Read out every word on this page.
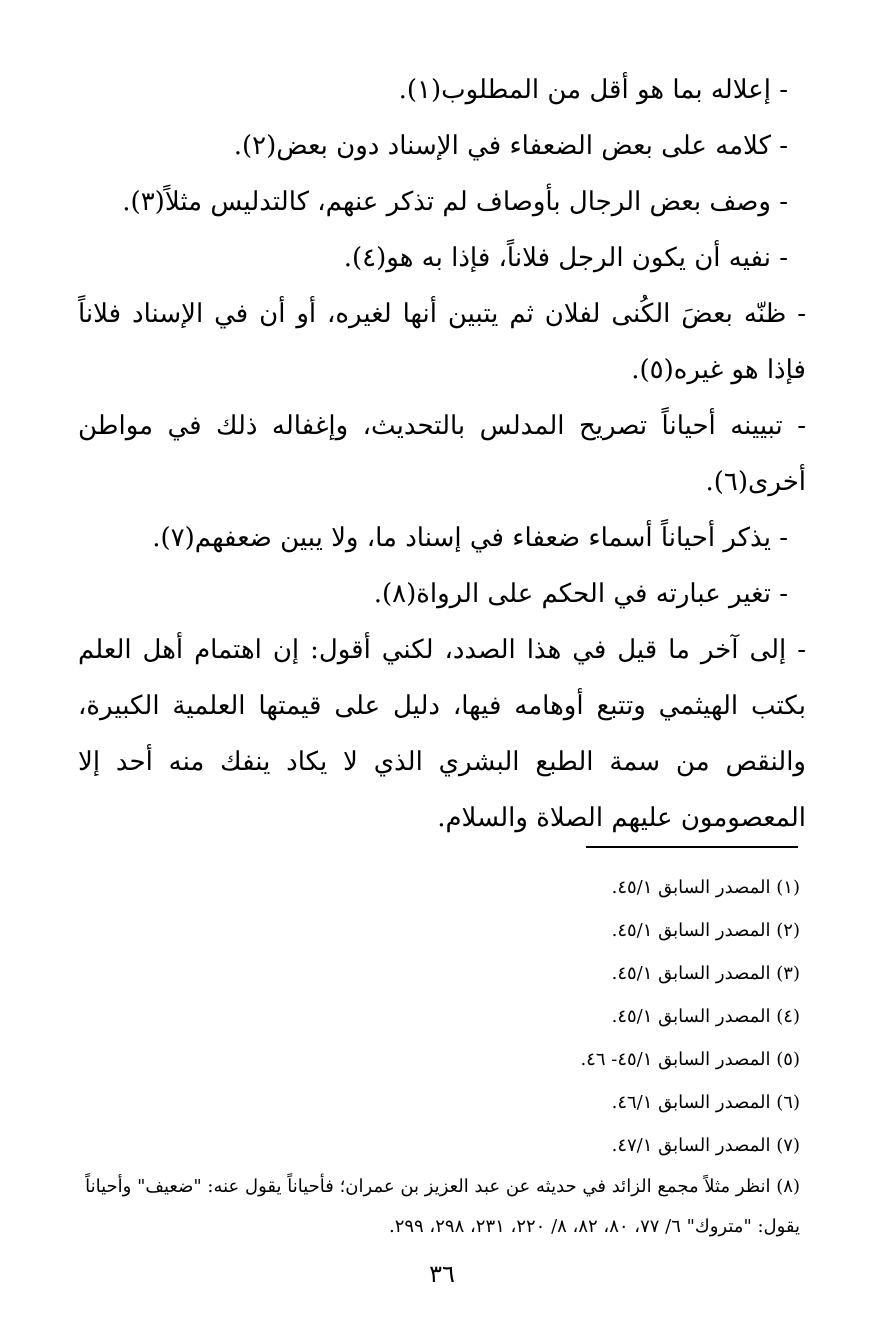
- إعلاله بما هو أقل من المطلوب(١).

- كلامه على بعض الضعفاء في الإسناد دون بعض(٢).

- وصف بعض الرجال بأوصاف لم تذكر عنهم، كالتدليس مثلاً(٣).

- نفيه أن يكون الرجل فلاناً، فإذا به هو(٤).

- ظنّه بعضَ الكُنى لفلان ثم يتبين أنها لغيره، أو أن في الإسناد فلاناً فإذا هو غيره(٥).

- تبيينه أحياناً تصريح المدلس بالتحديث، وإغفاله ذلك في مواطن أخرى(٦).

- يذكر أحياناً أسماء ضعفاء في إسناد ما، ولا يبين ضعفهم(٧).

- تغير عبارته في الحكم على الرواة(٨).

- إلى آخر ما قيل في هذا الصدد، لكني أقول: إن اهتمام أهل العلم بكتب الهيثمي وتتبع أوهامه فيها، دليل على قيمتها العلمية الكبيرة، والنقص من سمة الطبع البشري الذي لا يكاد ينفك منه أحد إلا المعصومون عليهم الصلاة والسلام.

(١) المصدر السابق ٤٥/١.

(٢) المصدر السابق ٤٥/١.

(٣) المصدر السابق ٤٥/١.

(٤) المصدر السابق ٤٥/١.

(٥) المصدر السابق ٤٥/١- ٤٦.

(٦) المصدر السابق ٤٦/١.

(٧) المصدر السابق ٤٧/١.

(٨) انظر مثلاً مجمع الزائد في حديثه عن عبد العزيز بن عمران؛ فأحياناً يقول عنه: "ضعيف" وأحياناً يقول: "متروك" ٦/ ٧٧، ٨٠، ٨٢، ٨/ ٢٢٠، ٢٣١، ٢٩٨، ٢٩٩.

٣٦
